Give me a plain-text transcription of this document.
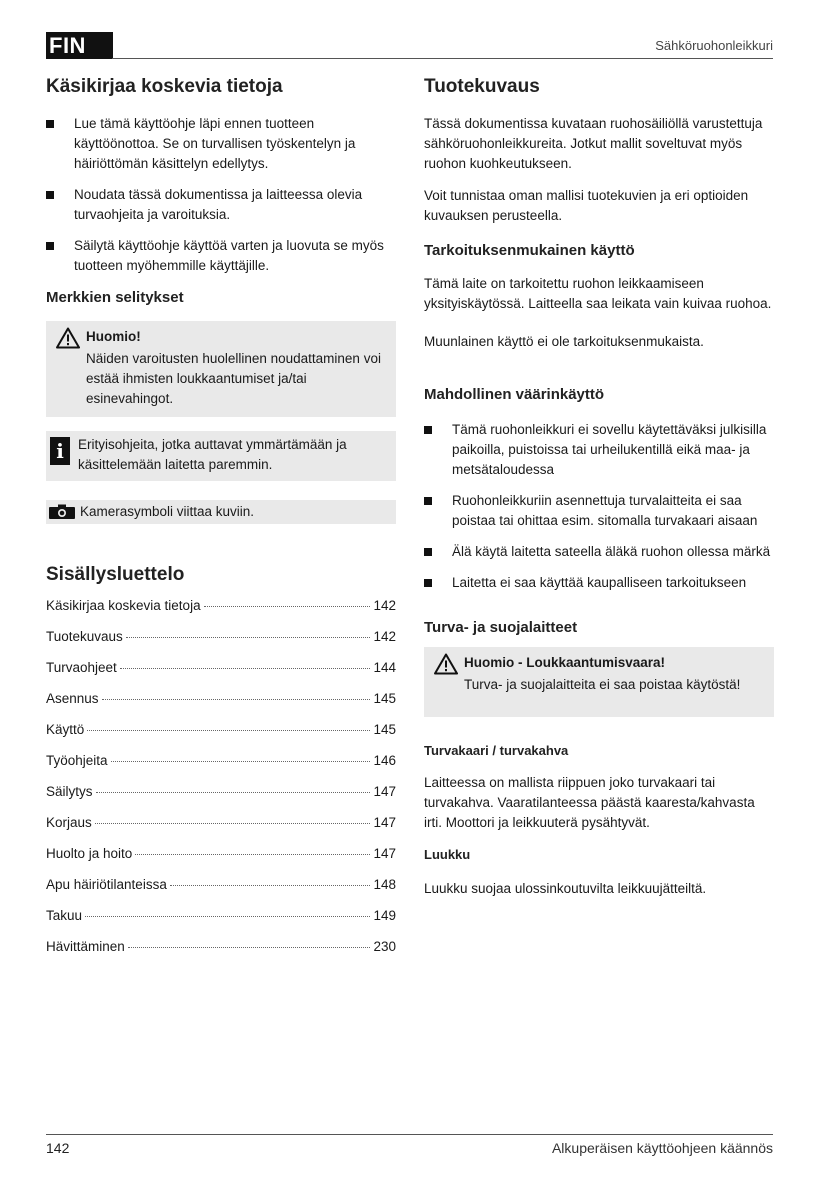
FIN	Sähköruohonleikkuri
Käsikirjaa koskevia tietoja
Lue tämä käyttöohje läpi ennen tuotteen käyttöönottoa. Se on turvallisen työskentelyn ja häiriöttömän käsittelyn edellytys.
Noudata tässä dokumentissa ja laitteessa olevia turvaohjeita ja varoituksia.
Säilytä käyttöohje käyttöä varten ja luovuta se myös tuotteen myöhemmille käyttäjille.
Merkkien selitykset
Huomio!
Näiden varoitusten huolellinen noudattaminen voi estää ihmisten loukkaantumiset ja/tai esinevahingot.
i	Erityisohjeita, jotka auttavat ymmärtämään ja käsittelemään laitetta paremmin.
Kamerasymboli viittaa kuviin.
Sisällysluettelo
Käsikirjaa koskevia tietoja	142
Tuotekuvaus	142
Turvaohjeet	144
Asennus	145
Käyttö	145
Työohjeita	146
Säilytys	147
Korjaus	147
Huolto ja hoito	147
Apu häiriötilanteissa	148
Takuu	149
Hävittäminen	230
Tuotekuvaus

Tässä dokumentissa kuvataan ruohosäiliöllä varustettuja sähköruohonleikkureita. Jotkut mallit soveltuvat myös ruohon kuohkeutukseen.

Voit tunnistaa oman mallisi tuotekuvien ja eri optioiden kuvauksen perusteella.

Tarkoituksenmukainen käyttö

Tämä laite on tarkoitettu ruohon leikkaamiseen yksityiskäytössä. Laitteella saa leikata vain kuivaa ruohoa.

Muunlainen käyttö ei ole tarkoituksenmukaista.

Mahdollinen väärinkäyttö
Tämä ruohonleikkuri ei sovellu käytettäväksi julkisilla paikoilla, puistoissa tai urheilukentillä eikä maa- ja metsätaloudessa
Ruohonleikkuriin asennettuja turvalaitteita ei saa poistaa tai ohittaa esim. sitomalla turvakaari aisaan
Älä käytä laitetta sateella äläkä ruohon ollessa märkä
Laitetta ei saa käyttää kaupalliseen tarkoitukseen
Turva- ja suojalaitteet
Huomio - Loukkaantumisvaara!
Turva- ja suojalaitteita ei saa poistaa käytöstä!
Turvakaari / turvakahva

Laitteessa on mallista riippuen joko turvakaari tai turvakahva. Vaaratilanteessa päästä kaaresta/kahvasta irti. Moottori ja leikkuuterä pysähtyvät.

Luukku

Luukku suojaa ulossinkoutuvilta leikkuujätteiltä.

142	Alkuperäisen käyttöohjeen käännös
